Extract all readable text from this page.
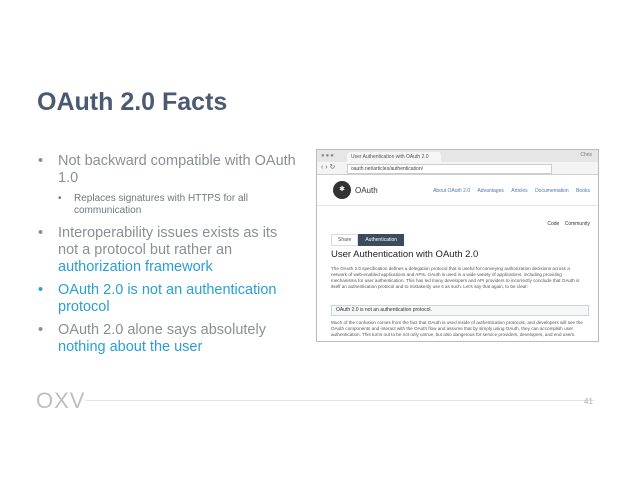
OAuth 2.0 Facts
• Not backward compatible with OAuth 1.0
• Replaces signatures with HTTPS for all communication
• Interoperability issues exists as its not a protocol but rather an authorization framework
• OAuth 2.0 is not an authentication protocol
• OAuth 2.0 alone says absolutely nothing about the user
●●●	User Authentication with OAuth 2.0	Chris
‹ › ↻	oauth.net/articles/authentication/
✱	OAuth	About OAuth 2.0 Advantages Articles Documentation Books
Code Community
Share	Authentication
User Authentication with OAuth 2.0
The OAuth 2.0 specification defines a delegation protocol that is useful for conveying authorization decisions across a network of web-enabled applications and APIs. OAuth is used in a wide variety of applications, including providing mechanisms for user authentication. This has led many developers and API providers to incorrectly conclude that OAuth is itself an authentication protocol and to mistakenly use it as such. Let's say that again, to be clear:
OAuth 2.0 is not an authentication protocol.
Much of the confusion comes from the fact that OAuth is used inside of authentication protocols, and developers will see the OAuth components and interact with the OAuth flow and assume that by simply using OAuth, they can accomplish user authentication. This turns out to be not only untrue, but also dangerous for service providers, developers, and end users.
OXV	41
